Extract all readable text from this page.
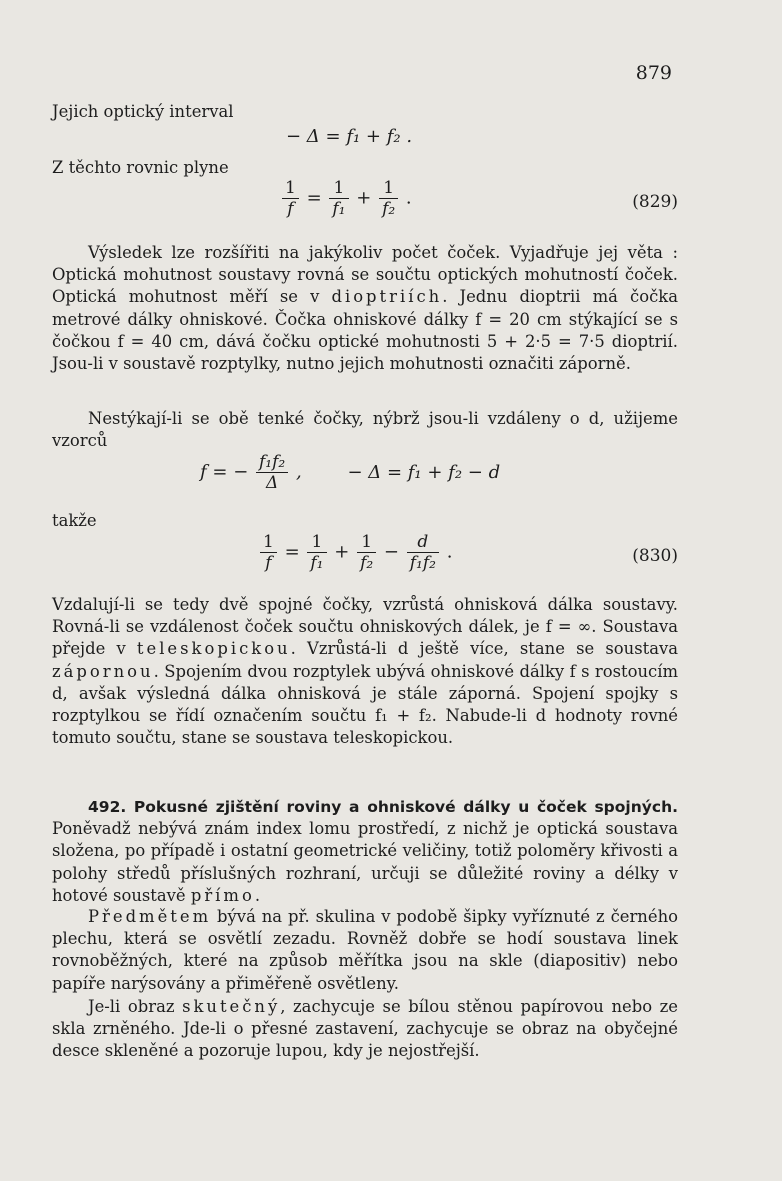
879
Jejich optický interval
− Δ = f₁ + f₂ .
Z těchto rovnic plyne
$\frac{1}{f} = \frac{1}{\text{f₁}} + \frac{1}{\text{f₂}}$ .	(829)
Výsledek lze rozšířiti na jakýkoliv počet čoček. Vyjadřuje jej věta : Optická mohutnost soustavy rovná se součtu optických mohutností čoček. Optická mohutnost měří se v dioptriích. Jednu dioptrii má čočka metrové dálky ohniskové. Čočka ohniskové dálky f = 20 cm stýkající se s čočkou f = 40 cm, dává čočku optické mohutnosti 5 + 2·5 = 7·5 dioptrií. Jsou-li v soustavě rozptylky, nutno jejich mohutnosti označiti záporně.
Nestýkají-li se obě tenké čočky, nýbrž jsou-li vzdáleny o d, užijeme vzorců
f = − $\frac{\text{f₁f₂}}{\Delta}$ ,	− Δ = f₁ + f₂ − d
takže
$\frac{1}{f} = \frac{1}{\text{f₁}} + \frac{1}{\text{f₂}} - \frac{d}{\text{f₁f₂}}$ .	(830)
Vzdalují-li se tedy dvě spojné čočky, vzrůstá ohnisková dálka soustavy. Rovná-li se vzdálenost čoček součtu ohniskových dálek, je f = ∞. Soustava přejde v teleskopickou. Vzrůstá-li d ještě více, stane se soustava zápornou. Spojením dvou rozptylek ubývá ohniskové dálky f s rostoucím d, avšak výsledná dálka ohnisková je stále záporná. Spojení spojky s rozptylkou se řídí označením součtu f₁ + f₂. Nabude-li d hodnoty rovné tomuto součtu, stane se soustava teleskopickou.
492. Pokusné zjištění roviny a ohniskové dálky u čoček spojných. Poněvadž nebývá znám index lomu prostředí, z nichž je optická soustava složena, po případě i ostatní geometrické veličiny, totiž poloměry křivosti a polohy středů příslušných rozhraní, určuji se důležité roviny a délky v hotové soustavě přímo.
Předmětem bývá na př. skulina v podobě šipky vyříznuté z černého plechu, která se osvětlí zezadu. Rovněž dobře se hodí soustava linek rovnoběžných, které na způsob měřítka jsou na skle (diapositiv) nebo papíře narýsovány a přiměřeně osvětleny.
Je-li obraz skutečný, zachycuje se bílou stěnou papírovou nebo ze skla zrněného. Jde-li o přesné zastavení, zachycuje se obraz na obyčejné desce skleněné a pozoruje lupou, kdy je nejostřejší.
